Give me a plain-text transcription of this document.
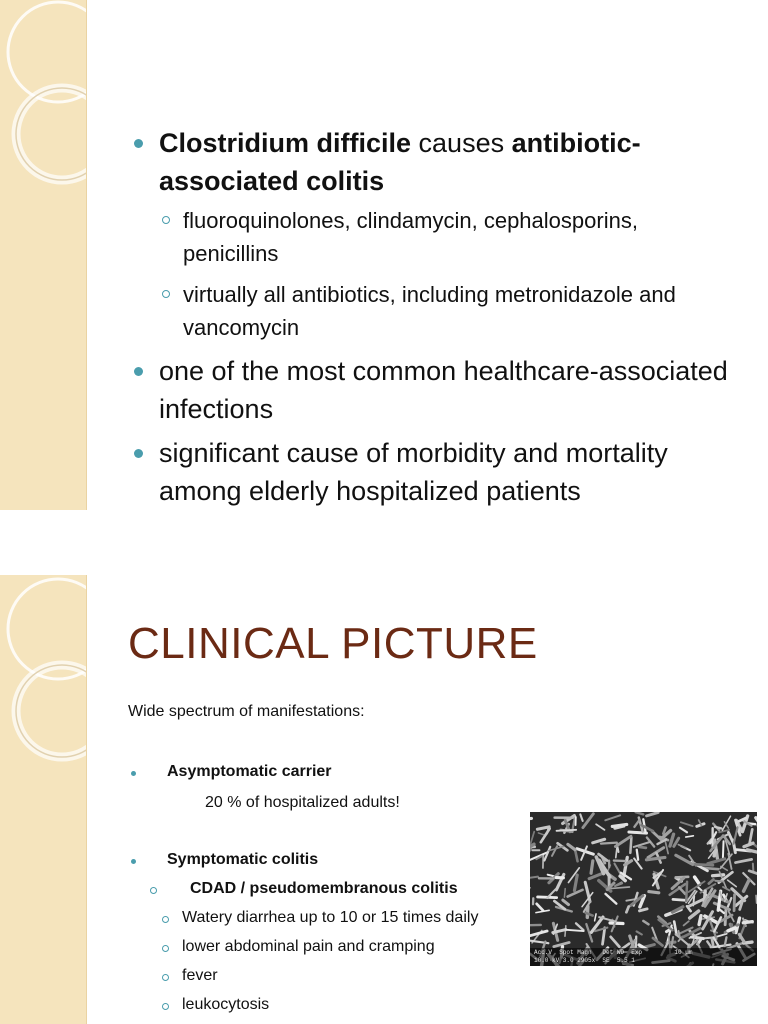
Clostridium difficile causes antibiotic-associated colitis
fluoroquinolones, clindamycin, cephalosporins, penicillins
virtually all antibiotics, including metronidazole and vancomycin
one of the most common healthcare-associated infections
significant cause of morbidity and mortality among elderly hospitalized patients
CLINICAL PICTURE
Wide spectrum of manifestations:
Asymptomatic carrier
20 % of hospitalized adults!
Symptomatic colitis
CDAD / pseudomembranous colitis
Watery diarrhea up to 10 or 15 times daily
lower abdominal pain and cramping
fever
leukocytosis
Acc.V  Spot Magn   Det WD  Exp         10 µm
10.0 kV 3.0 2905x  SE  5.5 1
